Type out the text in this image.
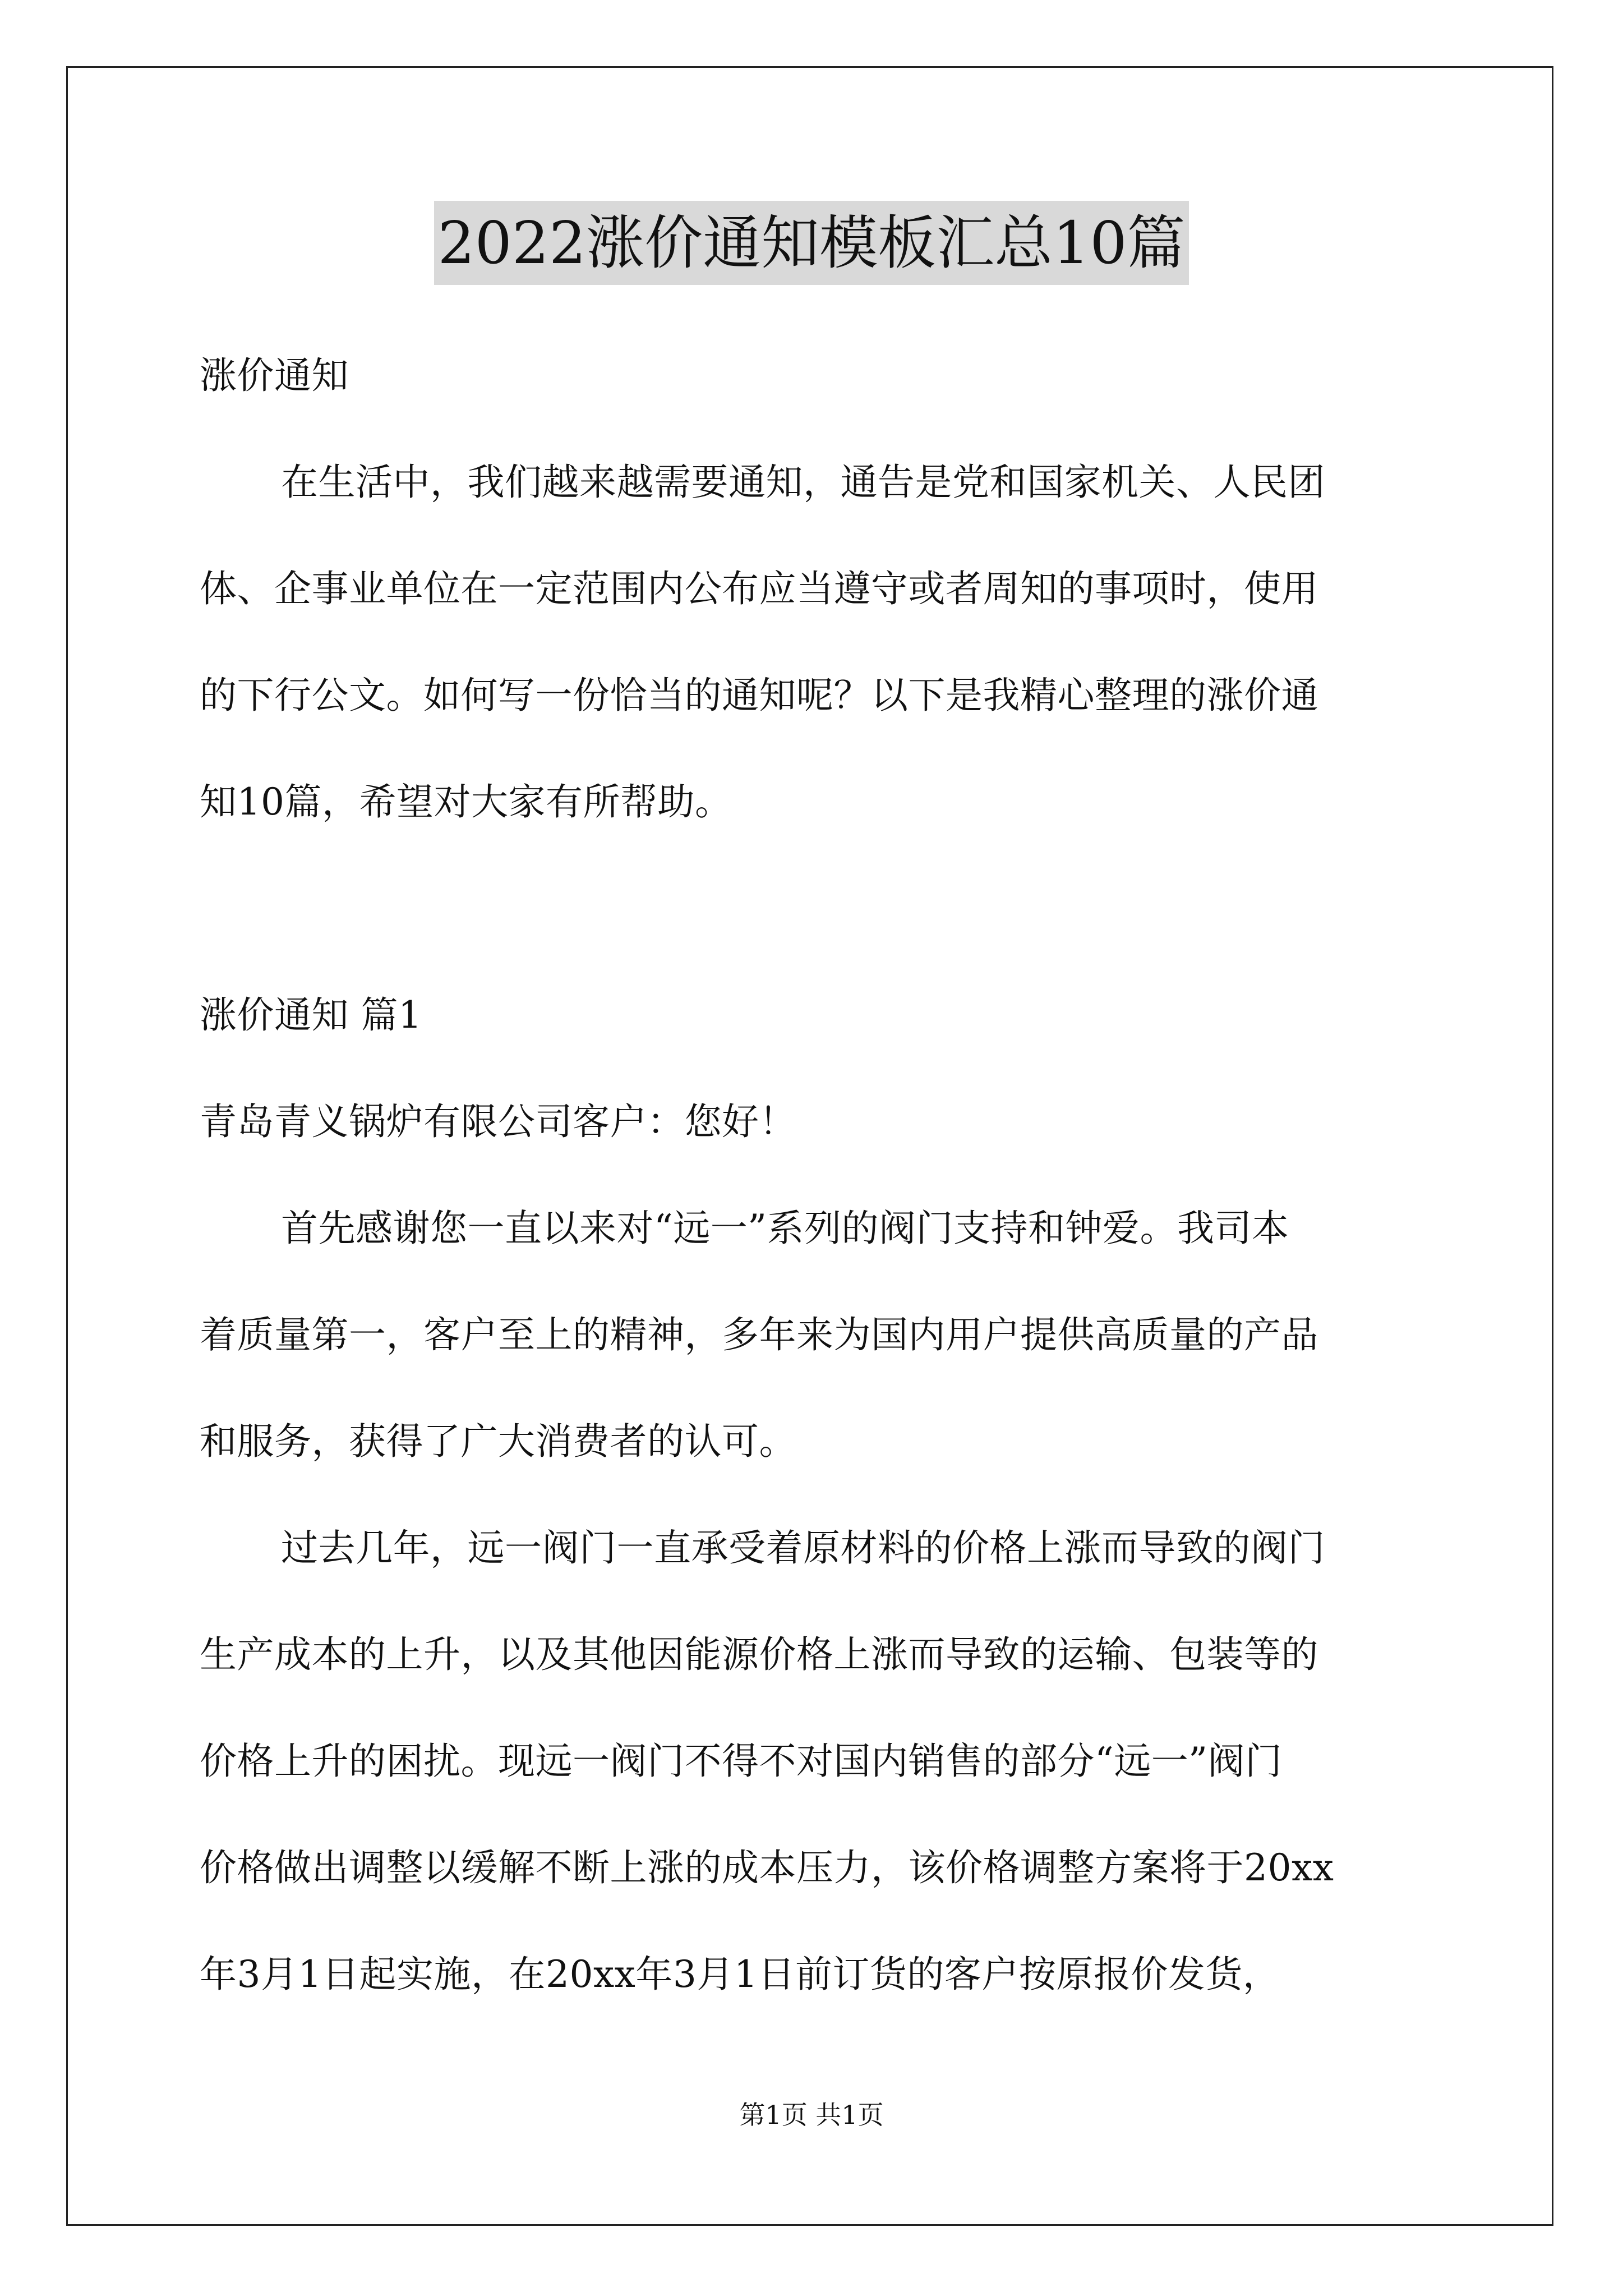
2022涨价通知模板汇总10篇
涨价通知
在生活中，我们越来越需要通知，通告是党和国家机关、人民团
体、企事业单位在一定范围内公布应当遵守或者周知的事项时，使用
的下行公文。如何写一份恰当的通知呢？以下是我精心整理的涨价通
知10篇，希望对大家有所帮助。
涨价通知 篇1
青岛青义锅炉有限公司客户：您好！
首先感谢您一直以来对“远一”系列的阀门支持和钟爱。我司本
着质量第一，客户至上的精神，多年来为国内用户提供高质量的产品
和服务，获得了广大消费者的认可。
过去几年，远一阀门一直承受着原材料的价格上涨而导致的阀门
生产成本的上升，以及其他因能源价格上涨而导致的运输、包装等的
价格上升的困扰。现远一阀门不得不对国内销售的部分“远一”阀门
价格做出调整以缓解不断上涨的成本压力，该价格调整方案将于20xx
年3月1日起实施，在20xx年3月1日前订货的客户按原报价发货，
第1页 共1页
